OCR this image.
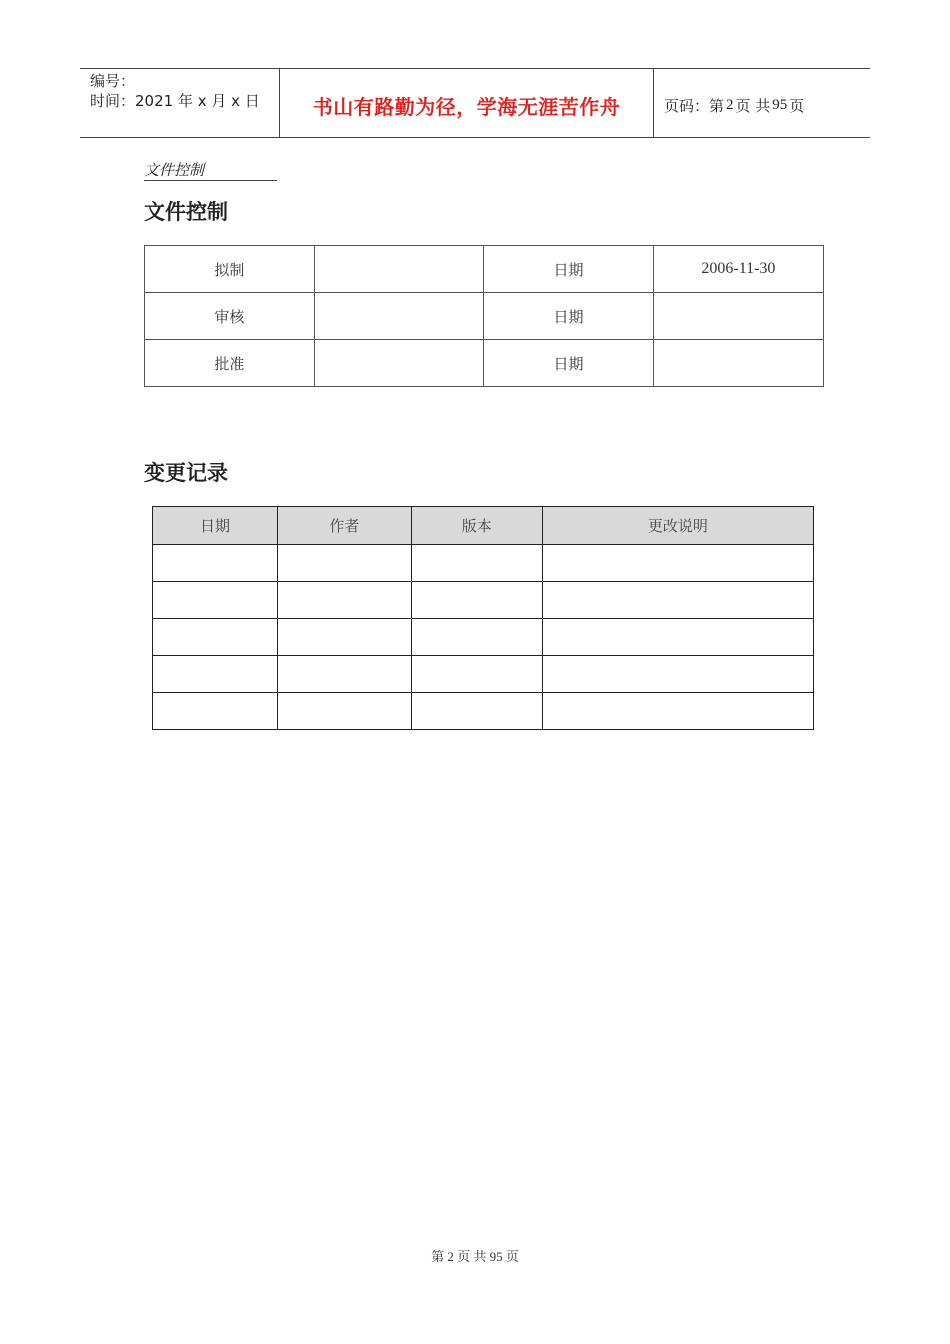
编号：
时间：2021 年 x 月 x 日	书山有路勤为径，学海无涯苦作舟	页码：第 2 页 共 95 页
文件控制
文件控制
拟制		日期	2006-11-30
审核		日期	
批准		日期	
变更记录
日期	作者	版本	更改说明

第 2 页 共 95 页
